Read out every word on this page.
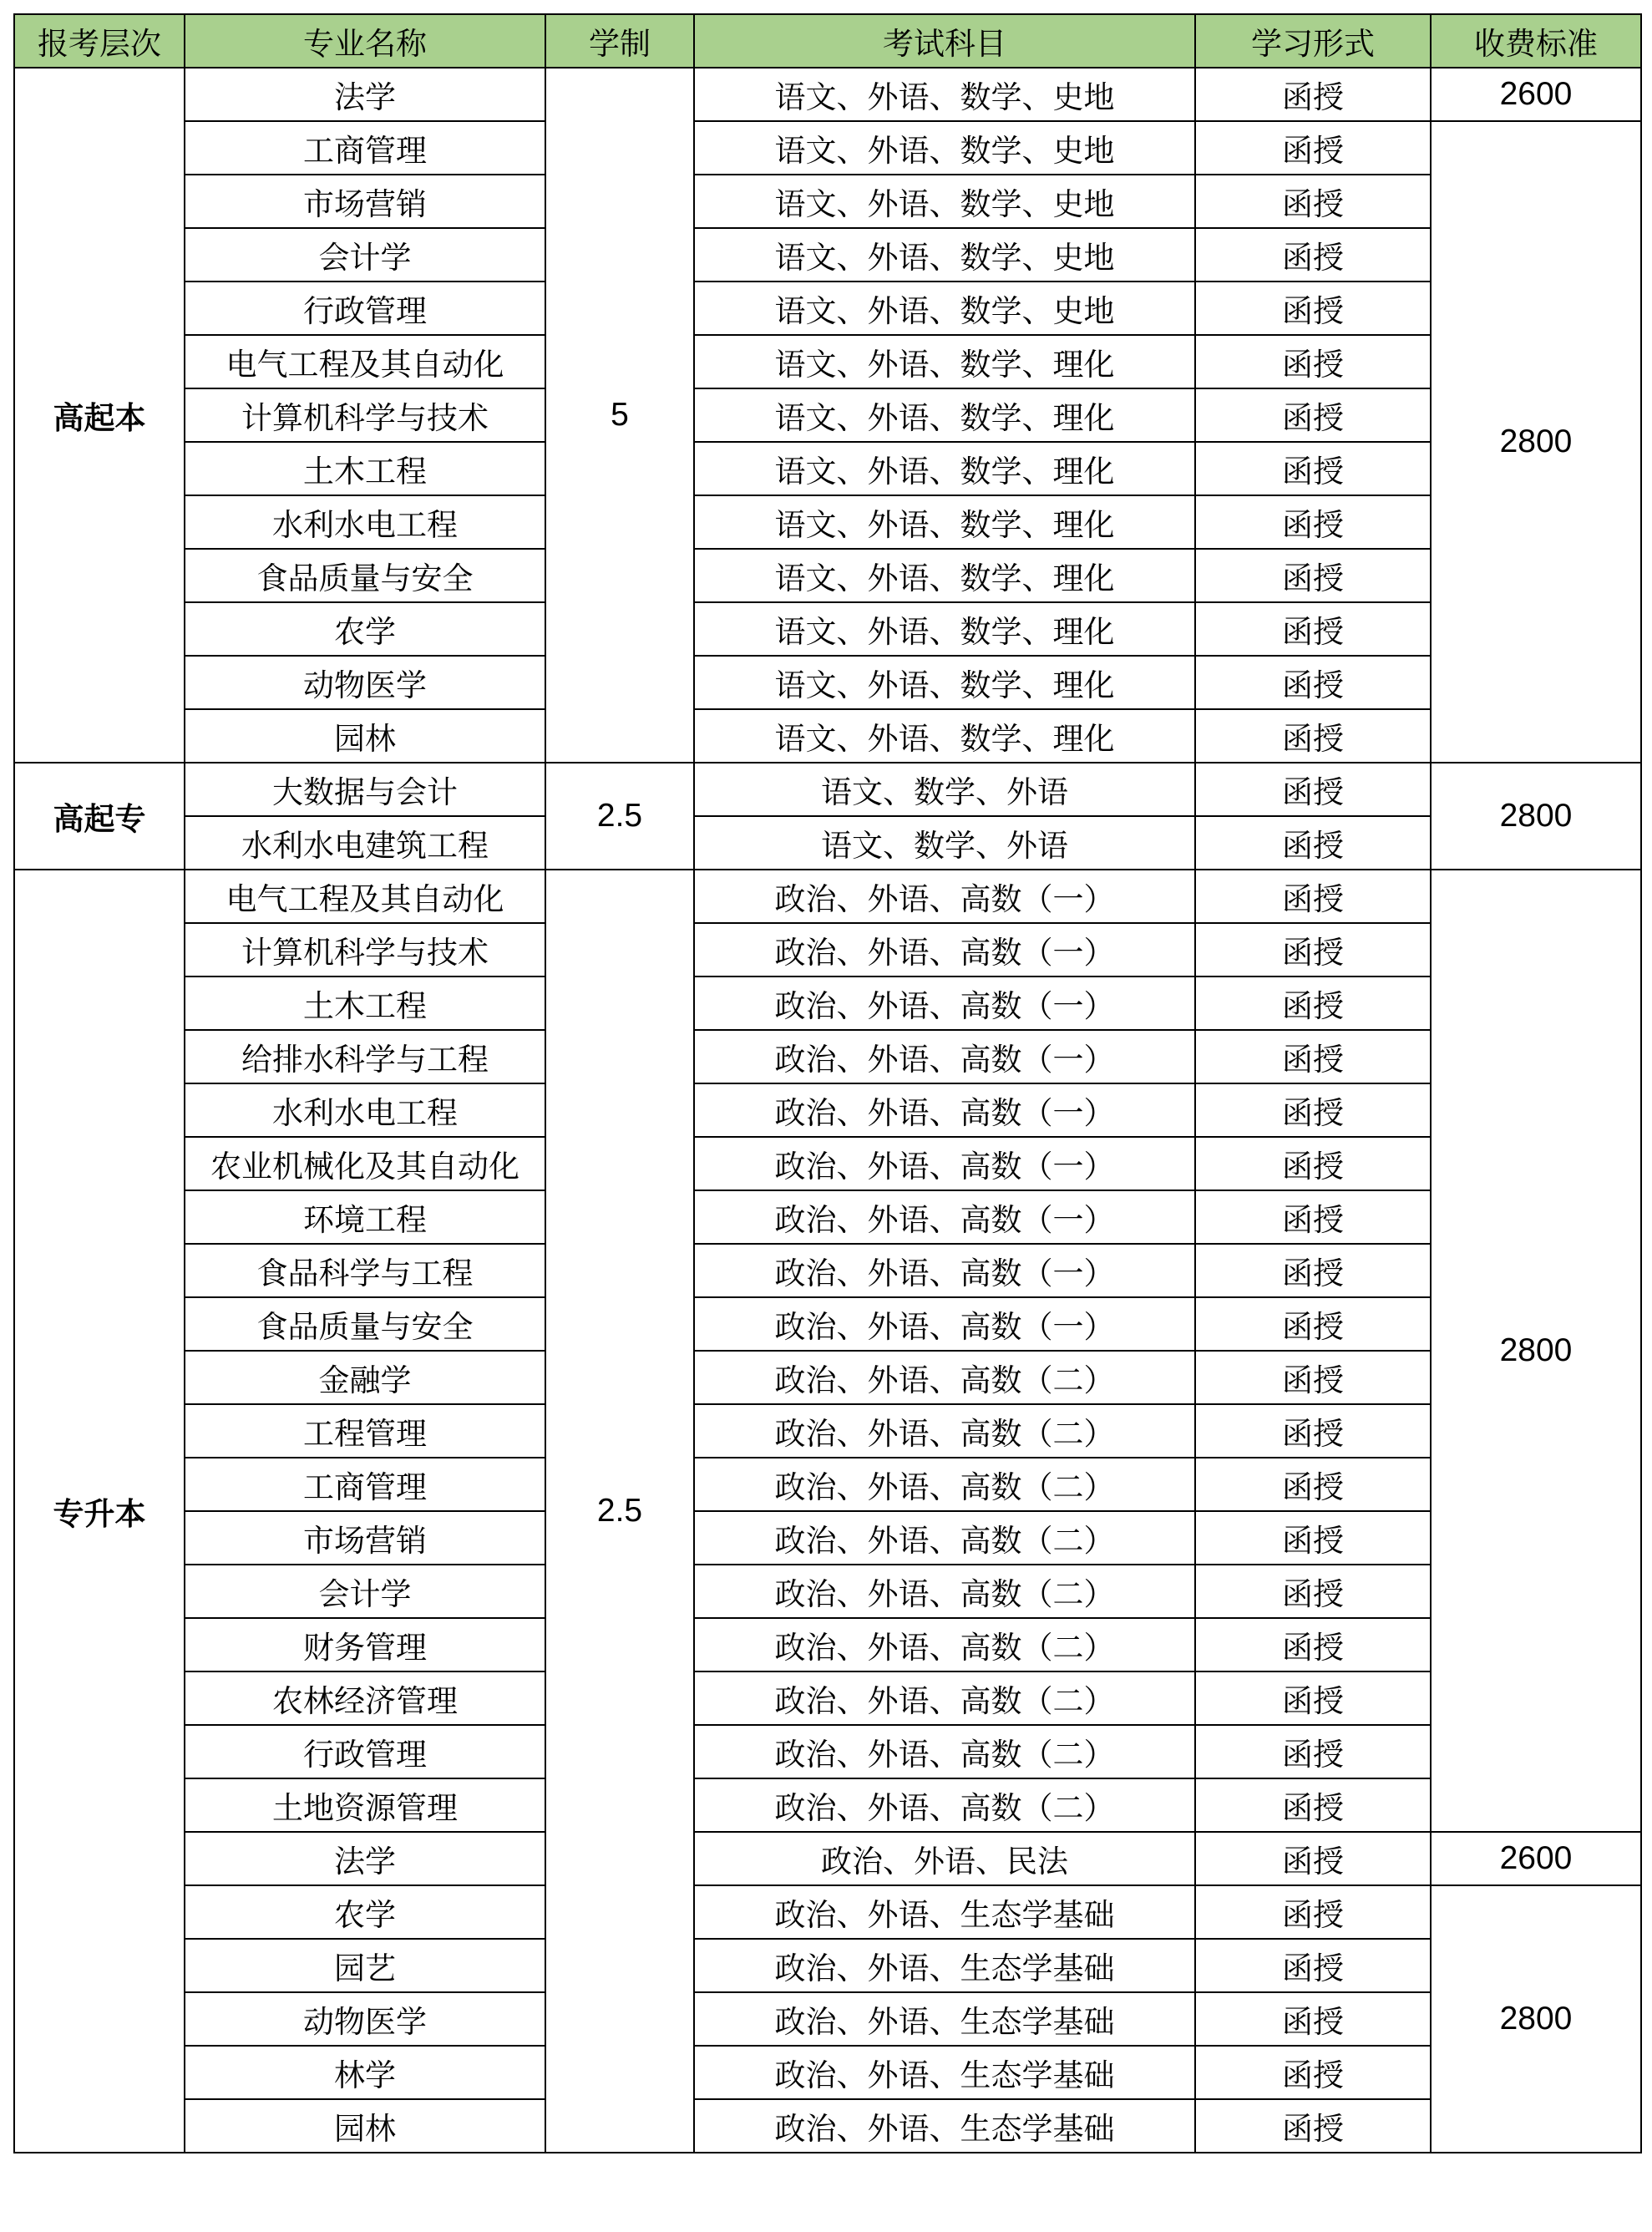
报考层次	专业名称	学制	考试科目	学习形式	收费标准
高起本	法学	5	语文、外语、数学、史地	函授	2600
	工商管理		语文、外语、数学、史地	函授	2800
	市场营销		语文、外语、数学、史地	函授	
	会计学		语文、外语、数学、史地	函授	
	行政管理		语文、外语、数学、史地	函授	
	电气工程及其自动化		语文、外语、数学、理化	函授	
	计算机科学与技术		语文、外语、数学、理化	函授	
	土木工程		语文、外语、数学、理化	函授	
	水利水电工程		语文、外语、数学、理化	函授	
	食品质量与安全		语文、外语、数学、理化	函授	
	农学		语文、外语、数学、理化	函授	
	动物医学		语文、外语、数学、理化	函授	
	园林		语文、外语、数学、理化	函授	
高起专	大数据与会计	2.5	语文、数学、外语	函授	2800
	水利水电建筑工程		语文、数学、外语	函授	
专升本	电气工程及其自动化	2.5	政治、外语、高数（一）	函授	2800
	计算机科学与技术		政治、外语、高数（一）	函授	
	土木工程		政治、外语、高数（一）	函授	
	给排水科学与工程		政治、外语、高数（一）	函授	
	水利水电工程		政治、外语、高数（一）	函授	
	农业机械化及其自动化		政治、外语、高数（一）	函授	
	环境工程		政治、外语、高数（一）	函授	
	食品科学与工程		政治、外语、高数（一）	函授	
	食品质量与安全		政治、外语、高数（一）	函授	
	金融学		政治、外语、高数（二）	函授	
	工程管理		政治、外语、高数（二）	函授	
	工商管理		政治、外语、高数（二）	函授	
	市场营销		政治、外语、高数（二）	函授	
	会计学		政治、外语、高数（二）	函授	
	财务管理		政治、外语、高数（二）	函授	
	农林经济管理		政治、外语、高数（二）	函授	
	行政管理		政治、外语、高数（二）	函授	
	土地资源管理		政治、外语、高数（二）	函授	
	法学		政治、外语、民法	函授	2600
	农学		政治、外语、生态学基础	函授	2800
	园艺		政治、外语、生态学基础	函授	
	动物医学		政治、外语、生态学基础	函授	
	林学		政治、外语、生态学基础	函授	
	园林		政治、外语、生态学基础	函授	
